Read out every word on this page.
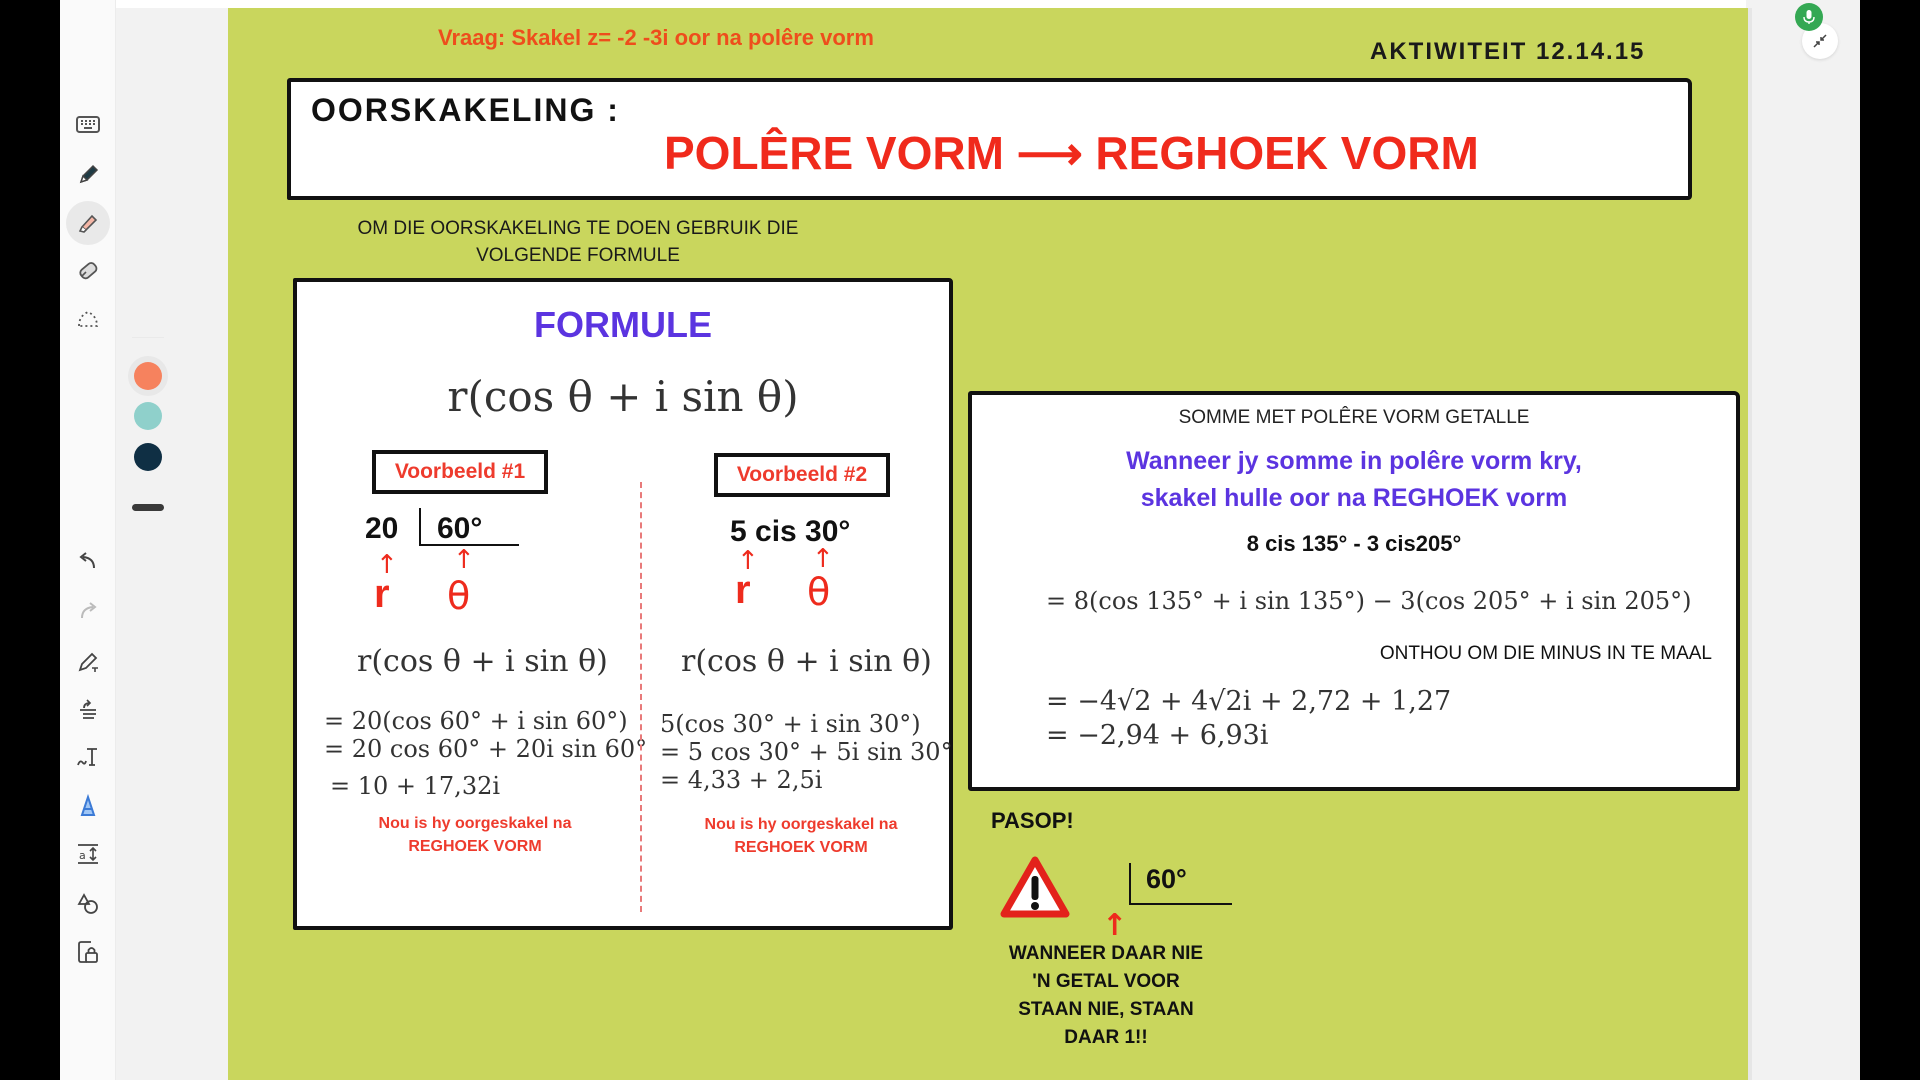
a
Vraag: Skakel z= -2 -3i oor na polêre vorm
AKTIWITEIT 12.14.15
OORSKAKELING :
POLÊRE VORM ⟶ REGHOEK VORM
OM DIE OORSKAKELING TE DOEN GEBRUIK DIE
VOLGENDE FORMULE
FORMULE
r(cos θ + i sin θ)
Voorbeeld #1
20 60°
↑ ↑
r θ
r(cos θ + i sin θ)
= 20(cos 60° + i sin 60°)
= 20 cos 60° + 20i sin 60°
= 10 + 17,32i
Nou is hy oorgeskakel na
REGHOEK VORM
Voorbeeld #2
5 cis 30°
↑ ↑
r θ
r(cos θ + i sin θ)
5(cos 30° + i sin 30°)
= 5 cos 30° + 5i sin 30°
= 4,33 + 2,5i
Nou is hy oorgeskakel na
REGHOEK VORM
SOMME MET POLÊRE VORM GETALLE
Wanneer jy somme in polêre vorm kry,
skakel hulle oor na REGHOEK vorm
8 cis 135° - 3 cis205°
= 8(cos 135° + i sin 135°) − 3(cos 205° + i sin 205°)
ONTHOU OM DIE MINUS IN TE MAAL
= −4√2 + 4√2i + 2,72 + 1,27
= −2,94 + 6,93i
PASOP!
60°
↑
WANNEER DAAR NIE
'N GETAL VOOR
STAAN NIE, STAAN
DAAR 1!!
